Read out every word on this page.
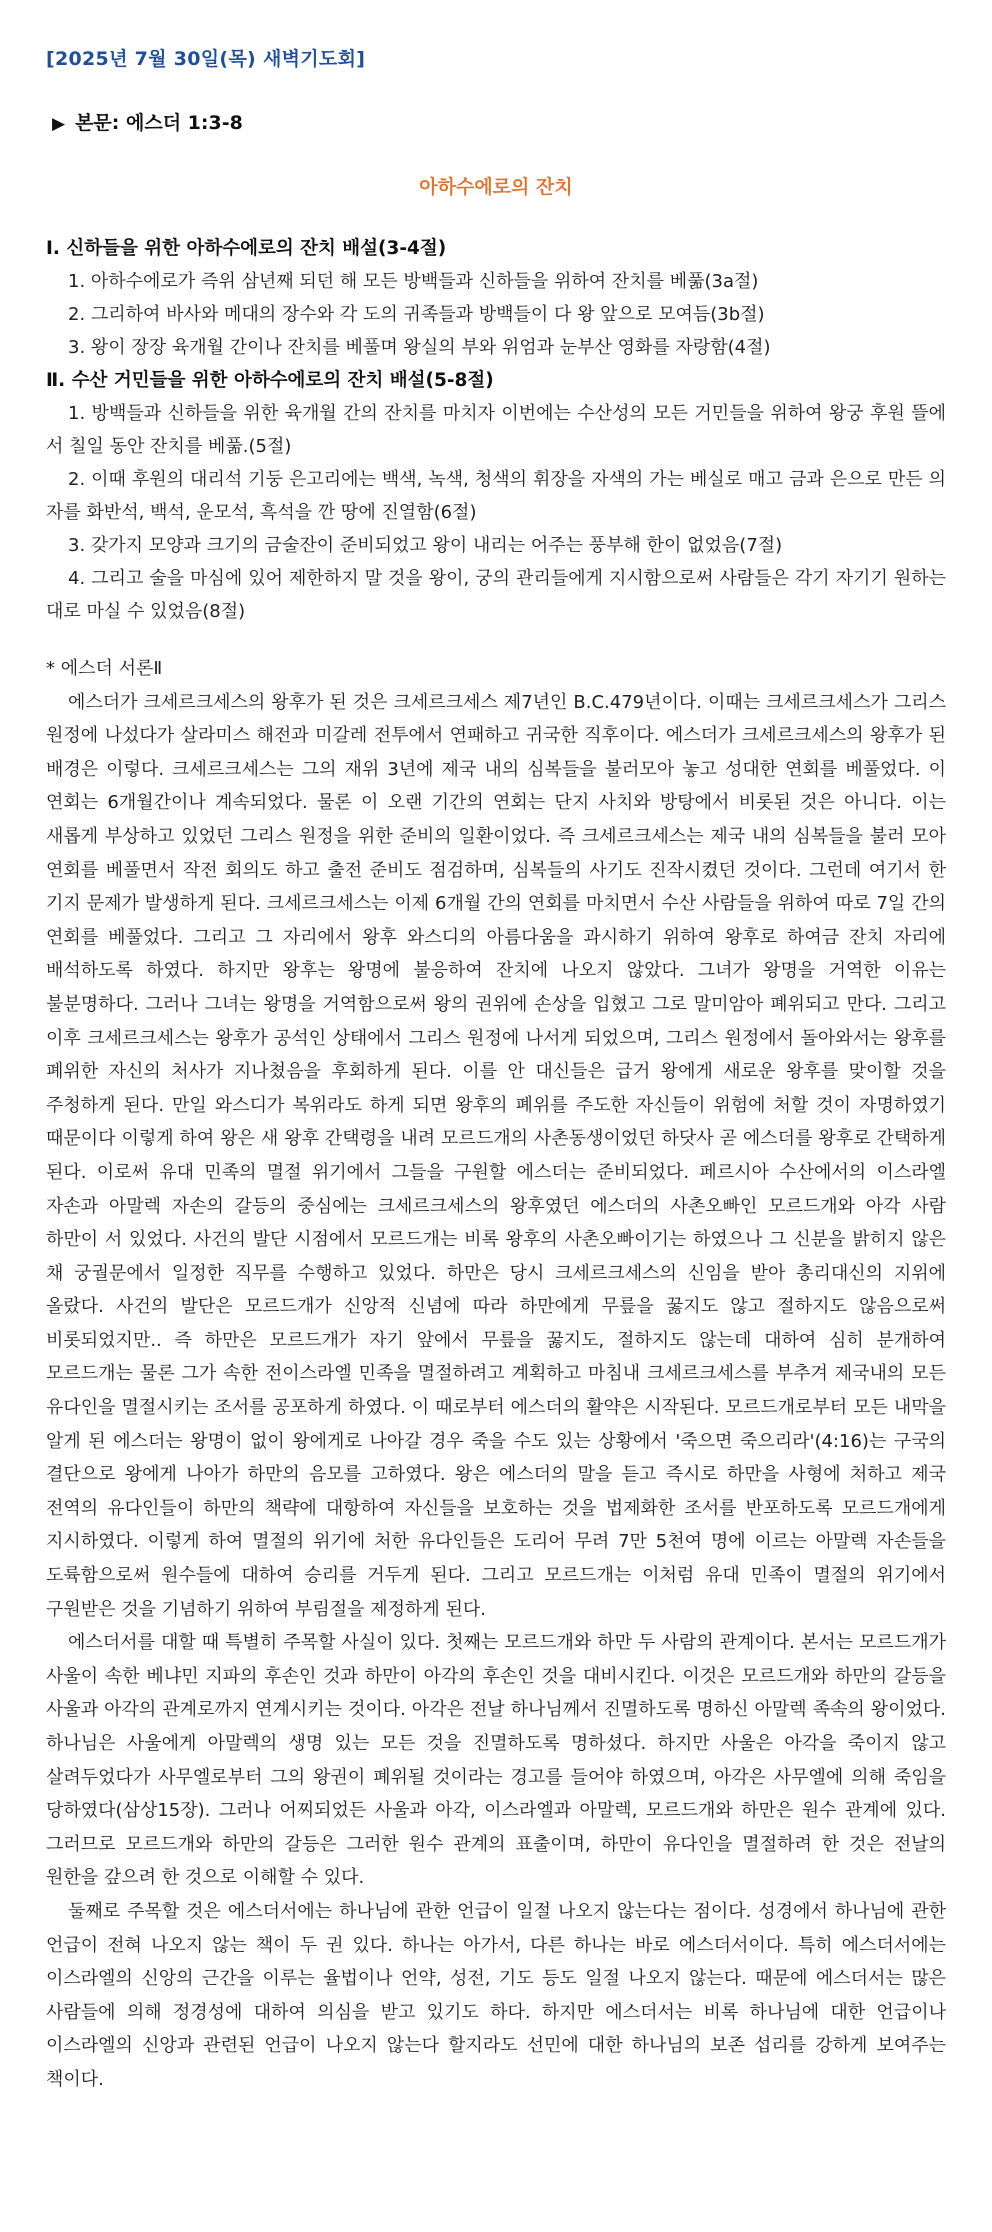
[2025년 7월 30일(목) 새벽기도회]
▶ 본문: 에스더 1:3-8
아하수에로의 잔치
Ⅰ. 신하들을 위한 아하수에로의 잔치 배설(3-4절)
1. 아하수에로가 즉위 삼년째 되던 해 모든 방백들과 신하들을 위하여 잔치를 베풂(3a절)
2. 그리하여 바사와 메대의 장수와 각 도의 귀족들과 방백들이 다 왕 앞으로 모여듬(3b절)
3. 왕이 장장 육개월 간이나 잔치를 베풀며 왕실의 부와 위엄과 눈부산 영화를 자랑함(4절)
Ⅱ. 수산 거민들을 위한 아하수에로의 잔치 배설(5-8절)
1. 방백들과 신하들을 위한 육개월 간의 잔치를 마치자 이번에는 수산성의 모든 거민들을 위하여 왕궁 후원 뜰에서 칠일 동안 잔치를 베풂.(5절)
2. 이때 후원의 대리석 기둥 은고리에는 백색, 녹색, 청색의 휘장을 자색의 가는 베실로 매고 금과 은으로 만든 의자를 화반석, 백석, 운모석, 흑석을 깐 땅에 진열함(6절)
3. 갖가지 모양과 크기의 금술잔이 준비되었고 왕이 내리는 어주는 풍부해 한이 없었음(7절)
4. 그리고 술을 마심에 있어 제한하지 말 것을 왕이, 궁의 관리들에게 지시함으로써 사람들은 각기 자기기 원하는 대로 마실 수 있었음(8절)
* 에스더 서론Ⅱ

에스더가 크세르크세스의 왕후가 된 것은 크세르크세스 제7년인 B.C.479년이다. 이때는 크세르크세스가 그리스 원정에 나섰다가 살라미스 해전과 미갈레 전투에서 연패하고 귀국한 직후이다. 에스더가 크세르크세스의 왕후가 된 배경은 이렇다. 크세르크세스는 그의 재위 3년에 제국 내의 심복들을 불러모아 놓고 성대한 연회를 베풀었다. 이 연회는 6개월간이나 계속되었다. 물론 이 오랜 기간의 연회는 단지 사치와 방탕에서 비롯된 것은 아니다. 이는 새롭게 부상하고 있었던 그리스 원정을 위한 준비의 일환이었다. 즉 크세르크세스는 제국 내의 심복들을 불러 모아 연회를 베풀면서 작전 회의도 하고 출전 준비도 점검하며, 심복들의 사기도 진작시켰던 것이다. 그런데 여기서 한 기지 문제가 발생하게 된다. 크세르크세스는 이제 6개월 간의 연회를 마치면서 수산 사람들을 위하여 따로 7일 간의 연회를 베풀었다. 그리고 그 자리에서 왕후 와스디의 아름다움을 과시하기 위하여 왕후로 하여금 잔치 자리에 배석하도록 하였다. 하지만 왕후는 왕명에 불응하여 잔치에 나오지 않았다. 그녀가 왕명을 거역한 이유는 불분명하다. 그러나 그녀는 왕명을 거역함으로써 왕의 권위에 손상을 입혔고 그로 말미암아 폐위되고 만다. 그리고 이후 크세르크세스는 왕후가 공석인 상태에서 그리스 원정에 나서게 되었으며, 그리스 원정에서 돌아와서는 왕후를 폐위한 자신의 처사가 지나쳤음을 후회하게 된다. 이를 안 대신들은 급거 왕에게 새로운 왕후를 맞이할 것을 주청하게 된다. 만일 와스디가 복위라도 하게 되면 왕후의 폐위를 주도한 자신들이 위험에 처할 것이 자명하였기 때문이다 이렇게 하여 왕은 새 왕후 간택령을 내려 모르드개의 사촌동생이었던 하닷사 곧 에스더를 왕후로 간택하게 된다. 이로써 유대 민족의 멸절 위기에서 그들을 구원할 에스더는 준비되었다. 페르시아 수산에서의 이스라엘 자손과 아말렉 자손의 갈등의 중심에는 크세르크세스의 왕후였던 에스더의 사촌오빠인 모르드개와 아각 사람 하만이 서 있었다. 사건의 발단 시점에서 모르드개는 비록 왕후의 사촌오빠이기는 하였으나 그 신분을 밝히지 않은 채 궁궐문에서 일정한 직무를 수행하고 있었다. 하만은 당시 크세르크세스의 신임을 받아 총리대신의 지위에 올랐다. 사건의 발단은 모르드개가 신앙적 신념에 따라 하만에게 무릎을 꿇지도 않고 절하지도 않음으로써 비롯되었지만.. 즉 하만은 모르드개가 자기 앞에서 무릎을 꿇지도, 절하지도 않는데 대하여 심히 분개하여 모르드개는 물론 그가 속한 전이스라엘 민족을 멸절하려고 계획하고 마침내 크세르크세스를 부추겨 제국내의 모든 유다인을 멸절시키는 조서를 공포하게 하였다. 이 때로부터 에스더의 활약은 시작된다. 모르드개로부터 모든 내막을 알게 된 에스더는 왕명이 없이 왕에게로 나아갈 경우 죽을 수도 있는 상황에서 '죽으면 죽으리라'(4:16)는 구국의 결단으로 왕에게 나아가 하만의 음모를 고하였다. 왕은 에스더의 말을 듣고 즉시로 하만을 사형에 처하고 제국 전역의 유다인들이 하만의 책략에 대항하여 자신들을 보호하는 것을 법제화한 조서를 반포하도록 모르드개에게 지시하였다. 이렇게 하여 멸절의 위기에 처한 유다인들은 도리어 무려 7만 5천여 명에 이르는 아말렉 자손들을 도륙함으로써 원수들에 대하여 승리를 거두게 된다. 그리고 모르드개는 이처럼 유대 민족이 멸절의 위기에서 구원받은 것을 기념하기 위하여 부림절을 제정하게 된다.

에스더서를 대할 때 특별히 주목할 사실이 있다. 첫째는 모르드개와 하만 두 사람의 관계이다. 본서는 모르드개가 사울이 속한 베냐민 지파의 후손인 것과 하만이 아각의 후손인 것을 대비시킨다. 이것은 모르드개와 하만의 갈등을 사울과 아각의 관계로까지 연계시키는 것이다. 아각은 전날 하나님께서 진멸하도록 명하신 아말렉 족속의 왕이었다. 하나님은 사울에게 아말렉의 생명 있는 모든 것을 진멸하도록 명하셨다. 하지만 사울은 아각을 죽이지 않고 살려두었다가 사무엘로부터 그의 왕권이 폐위될 것이라는 경고를 들어야 하였으며, 아각은 사무엘에 의해 죽임을 당하였다(삼상15장). 그러나 어찌되었든 사울과 아각, 이스라엘과 아말렉, 모르드개와 하만은 원수 관계에 있다. 그러므로 모르드개와 하만의 갈등은 그러한 원수 관계의 표출이며, 하만이 유다인을 멸절하려 한 것은 전날의 원한을 갚으려 한 것으로 이해할 수 있다.

둘째로 주목할 것은 에스더서에는 하나님에 관한 언급이 일절 나오지 않는다는 점이다. 성경에서 하나님에 관한 언급이 전혀 나오지 않는 책이 두 권 있다. 하나는 아가서, 다른 하나는 바로 에스더서이다. 특히 에스더서에는 이스라엘의 신앙의 근간을 이루는 율법이나 언약, 성전, 기도 등도 일절 나오지 않는다. 때문에 에스더서는 많은 사람들에 의해 정경성에 대하여 의심을 받고 있기도 하다. 하지만 에스더서는 비록 하나님에 대한 언급이나 이스라엘의 신앙과 관련된 언급이 나오지 않는다 할지라도 선민에 대한 하나님의 보존 섭리를 강하게 보여주는 책이다.
